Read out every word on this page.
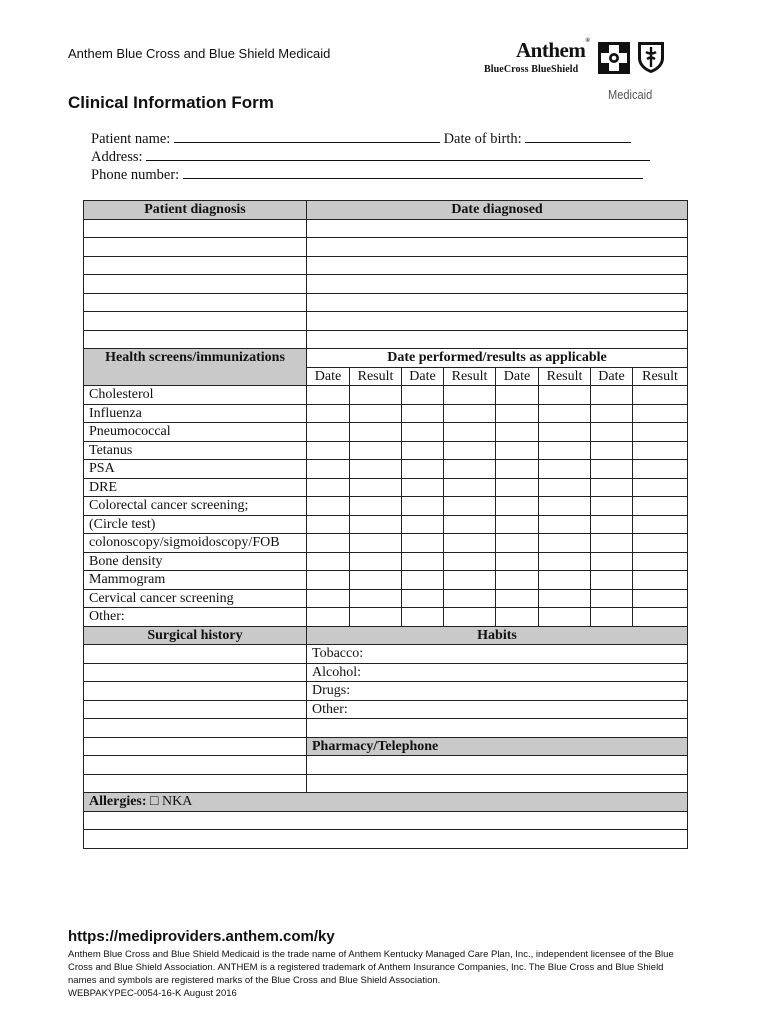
Anthem Blue Cross and Blue Shield Medicaid	Anthem®
BlueCross BlueShield
Medicaid
Clinical Information Form
Patient name:	Date of birth:
Address:
Phone number:
Patient diagnosis	Date diagnosed							

Health screens/immunizations	Date performed/results as applicable							
	Date	Result	Date	Result	Date	Result	Date	Result
Cholesterol								
Influenza								
Pneumococcal								
Tetanus								
PSA								
DRE								
Colorectal cancer screening;								
(Circle test)								
colonoscopy/sigmoidoscopy/FOB								
Bone density								
Mammogram								
Cervical cancer screening								
Other:								
Surgical history	Habits							
	Tobacco:							
	Alcohol:							
	Drugs:							
	Other:							

	Pharmacy/Telephone							

Allergies: □ NKA								

https://mediproviders.anthem.com/ky
Anthem Blue Cross and Blue Shield Medicaid is the trade name of Anthem Kentucky Managed Care Plan, Inc., independent licensee of the Blue Cross and Blue Shield Association. ANTHEM is a registered trademark of Anthem Insurance Companies, Inc. The Blue Cross and Blue Shield names and symbols are registered marks of the Blue Cross and Blue Shield Association.
WEBPAKYPEC-0054-16-K August 2016
